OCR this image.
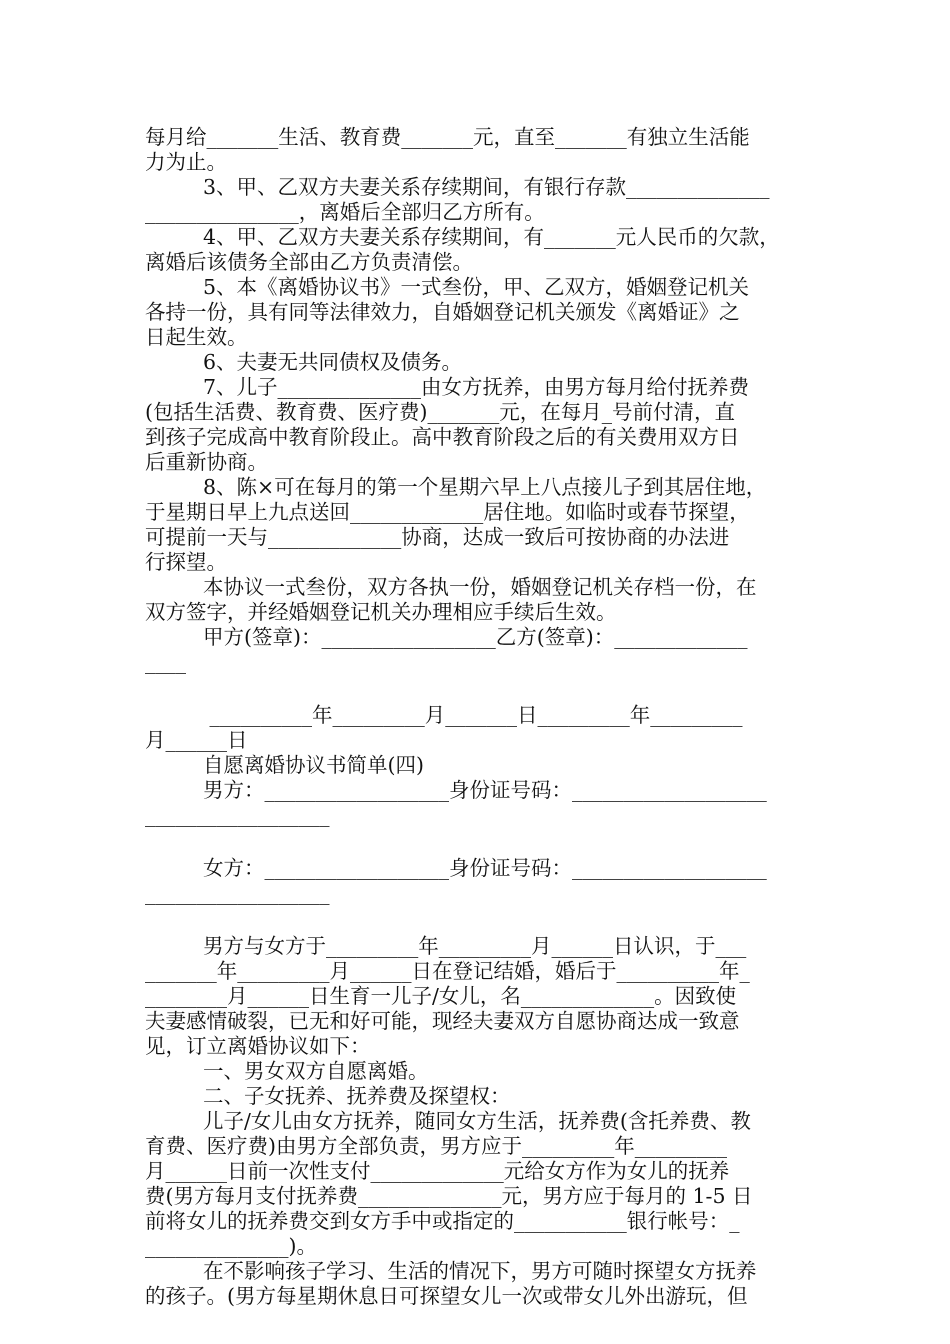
每月给_______生活、教育费_______元，直至_______有独立生活能
力为止。
3、甲、乙双方夫妻关系存续期间，有银行存款______________
_______________，离婚后全部归乙方所有。
4、甲、乙双方夫妻关系存续期间，有_______元人民币的欠款，
离婚后该债务全部由乙方负责清偿。
5、本《离婚协议书》一式叁份，甲、乙双方，婚姻登记机关
各持一份，具有同等法律效力，自婚姻登记机关颁发《离婚证》之
日起生效。
6、夫妻无共同债权及债务。
7、儿子______________由女方抚养，由男方每月给付抚养费
(包括生活费、教育费、医疗费)_______元，在每月_号前付清，直
到孩子完成高中教育阶段止。高中教育阶段之后的有关费用双方日
后重新协商。
8、陈×可在每月的第一个星期六早上八点接儿子到其居住地，
于星期日早上九点送回_____________居住地。如临时或春节探望，
可提前一天与_____________协商，达成一致后可按协商的办法进
行探望。
本协议一式叁份，双方各执一份，婚姻登记机关存档一份，在
双方签字，并经婚姻登记机关办理相应手续后生效。
甲方(签章)：_________________乙方(签章)：_____________
____
__________年_________月_______日_________年_________
月______日
自愿离婚协议书简单(四)
男方：__________________身份证号码：___________________
__________________
女方：__________________身份证号码：___________________
__________________
男方与女方于_________年_________月______日认识，于___
_______年_________月______日在登记结婚，婚后于__________年_
________月______日生育一儿子/女儿，名_____________。因致使
夫妻感情破裂，已无和好可能，现经夫妻双方自愿协商达成一致意
见，订立离婚协议如下：
一、男女双方自愿离婚。
二、子女抚养、抚养费及探望权：
儿子/女儿由女方抚养，随同女方生活，抚养费(含托养费、教
育费、医疗费)由男方全部负责，男方应于_________年_________
月______日前一次性支付_____________元给女方作为女儿的抚养
费(男方每月支付抚养费______________元，男方应于每月的 1-5 日
前将女儿的抚养费交到女方手中或指定的___________银行帐号：_
______________)。
在不影响孩子学习、生活的情况下，男方可随时探望女方抚养
的孩子。(男方每星期休息日可探望女儿一次或带女儿外出游玩，但
